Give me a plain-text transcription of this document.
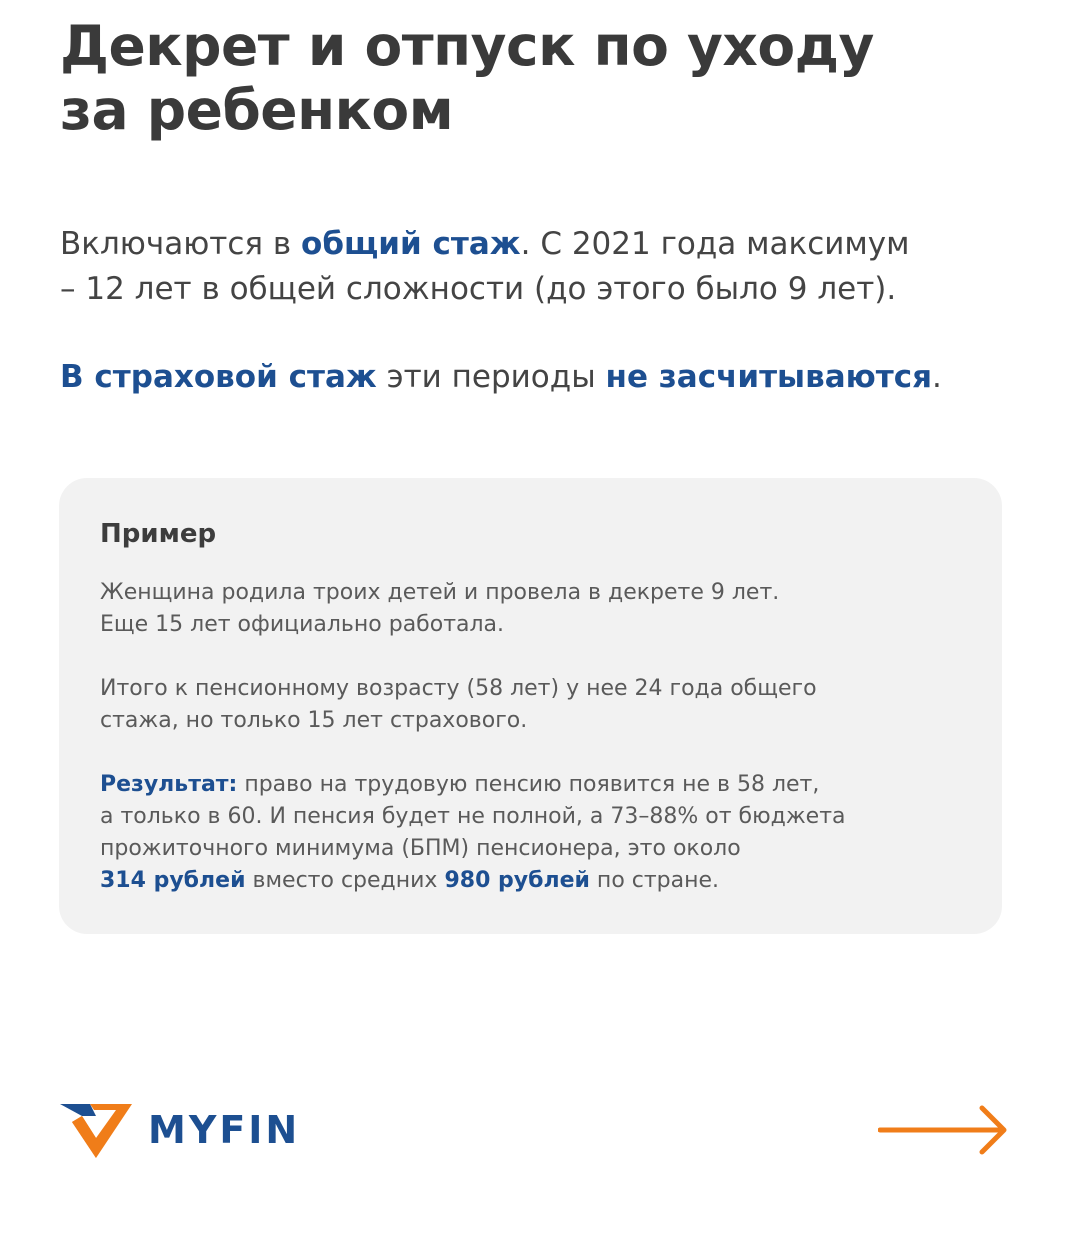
Декрет и отпуск по уходу
за ребенком
Включаются в общий стаж. С 2021 года максимум
– 12 лет в общей сложности (до этого было 9 лет).
В страховой стаж эти периоды не засчитываются.
Пример
Женщина родила троих детей и провела в декрете 9 лет.
Еще 15 лет официально работала.
Итого к пенсионному возрасту (58 лет) у нее 24 года общего
стажа, но только 15 лет страхового.
Результат: право на трудовую пенсию появится не в 58 лет,
а только в 60. И пенсия будет не полной, а 73–88% от бюджета
прожиточного минимума (БПМ) пенсионера, это около
314 рублей вместо средних 980 рублей по стране.
MYFIN
